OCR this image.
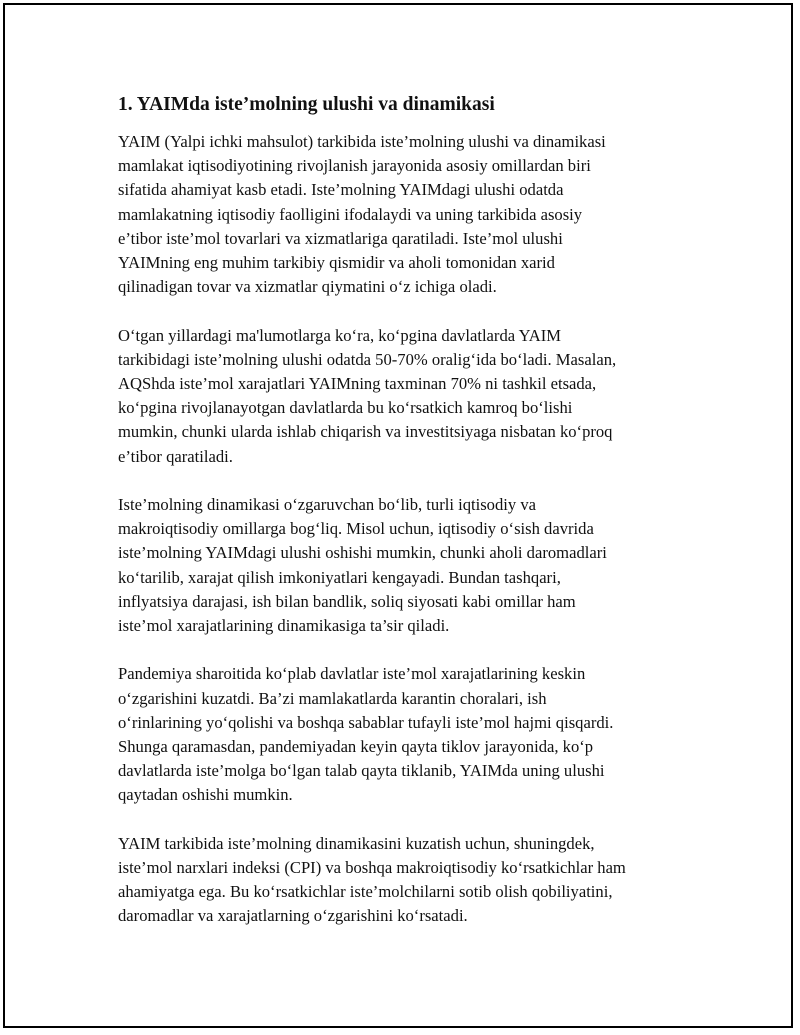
1. YAIMda iste’molning ulushi va dinamikasi

YAIM (Yalpi ichki mahsulot) tarkibida iste’molning ulushi va dinamikasi
mamlakat iqtisodiyotining rivojlanish jarayonida asosiy omillardan biri
sifatida ahamiyat kasb etadi. Iste’molning YAIMdagi ulushi odatda
mamlakatning iqtisodiy faolligini ifodalaydi va uning tarkibida asosiy
e’tibor iste’mol tovarlari va xizmatlariga qaratiladi. Iste’mol ulushi
YAIMning eng muhim tarkibiy qismidir va aholi tomonidan xarid
qilinadigan tovar va xizmatlar qiymatini o‘z ichiga oladi.

O‘tgan yillardagi ma'lumotlarga ko‘ra, ko‘pgina davlatlarda YAIM
tarkibidagi iste’molning ulushi odatda 50-70% oralig‘ida bo‘ladi. Masalan,
AQShda iste’mol xarajatlari YAIMning taxminan 70% ni tashkil etsada,
ko‘pgina rivojlanayotgan davlatlarda bu ko‘rsatkich kamroq bo‘lishi
mumkin, chunki ularda ishlab chiqarish va investitsiyaga nisbatan ko‘proq
e’tibor qaratiladi.

Iste’molning dinamikasi o‘zgaruvchan bo‘lib, turli iqtisodiy va
makroiqtisodiy omillarga bog‘liq. Misol uchun, iqtisodiy o‘sish davrida
iste’molning YAIMdagi ulushi oshishi mumkin, chunki aholi daromadlari
ko‘tarilib, xarajat qilish imkoniyatlari kengayadi. Bundan tashqari,
inflyatsiya darajasi, ish bilan bandlik, soliq siyosati kabi omillar ham
iste’mol xarajatlarining dinamikasiga ta’sir qiladi.

Pandemiya sharoitida ko‘plab davlatlar iste’mol xarajatlarining keskin
o‘zgarishini kuzatdi. Ba’zi mamlakatlarda karantin choralari, ish
o‘rinlarining yo‘qolishi va boshqa sabablar tufayli iste’mol hajmi qisqardi.
Shunga qaramasdan, pandemiyadan keyin qayta tiklov jarayonida, ko‘p
davlatlarda iste’molga bo‘lgan talab qayta tiklanib, YAIMda uning ulushi
qaytadan oshishi mumkin.

YAIM tarkibida iste’molning dinamikasini kuzatish uchun, shuningdek,
iste’mol narxlari indeksi (CPI) va boshqa makroiqtisodiy ko‘rsatkichlar ham
ahamiyatga ega. Bu ko‘rsatkichlar iste’molchilarni sotib olish qobiliyatini,
daromadlar va xarajatlarning o‘zgarishini ko‘rsatadi.
